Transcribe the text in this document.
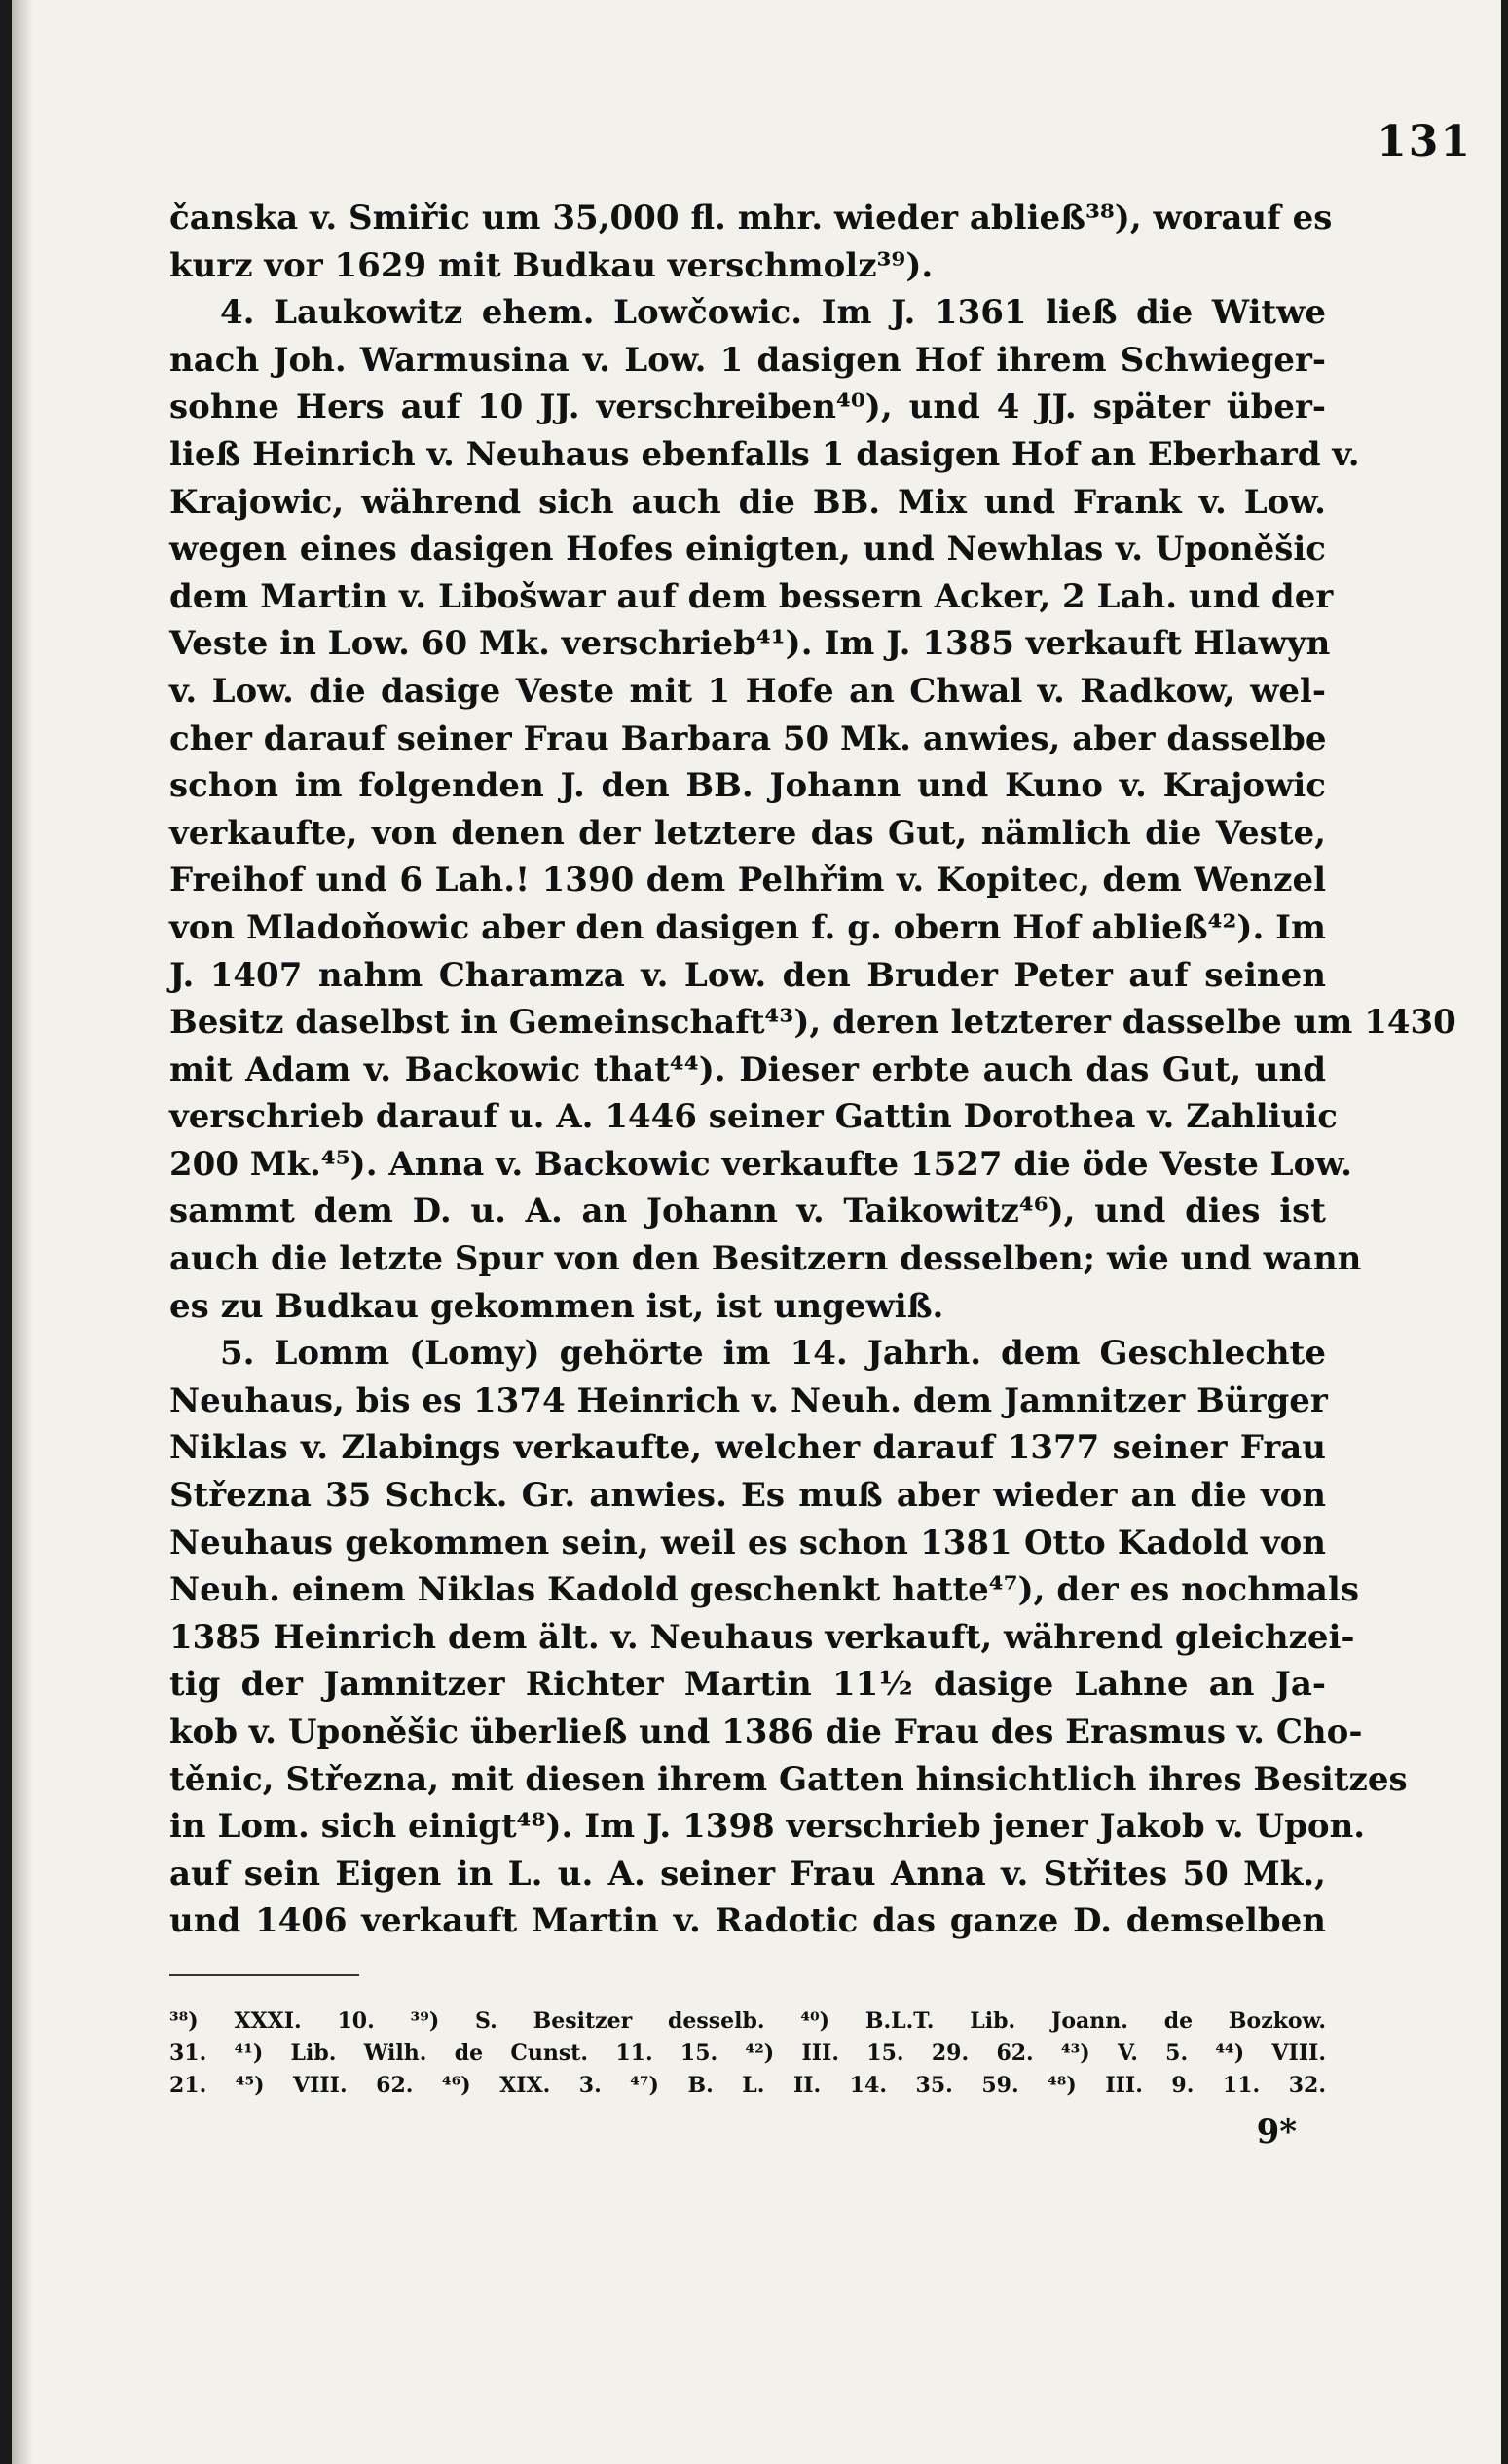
131
čanska v. Smiřic um 35,000 fl. mhr. wieder abließ³⁸), worauf es
kurz vor 1629 mit Budkau verschmolz³⁹).
4. Laukowitz ehem. Lowčowic. Im J. 1361 ließ die Witwe
nach Joh. Warmusina v. Low. 1 dasigen Hof ihrem Schwieger-
sohne Hers auf 10 JJ. verschreiben⁴⁰), und 4 JJ. später über-
ließ Heinrich v. Neuhaus ebenfalls 1 dasigen Hof an Eberhard v.
Krajowic, während sich auch die BB. Mix und Frank v. Low.
wegen eines dasigen Hofes einigten, und Newhlas v. Uponěšic
dem Martin v. Libošwar auf dem bessern Acker, 2 Lah. und der
Veste in Low. 60 Mk. verschrieb⁴¹). Im J. 1385 verkauft Hlawyn
v. Low. die dasige Veste mit 1 Hofe an Chwal v. Radkow, wel-
cher darauf seiner Frau Barbara 50 Mk. anwies, aber dasselbe
schon im folgenden J. den BB. Johann und Kuno v. Krajowic
verkaufte, von denen der letztere das Gut, nämlich die Veste,
Freihof und 6 Lah.! 1390 dem Pelhřim v. Kopitec, dem Wenzel
von Mladoňowic aber den dasigen f. g. obern Hof abließ⁴²). Im
J. 1407 nahm Charamza v. Low. den Bruder Peter auf seinen
Besitz daselbst in Gemeinschaft⁴³), deren letzterer dasselbe um 1430
mit Adam v. Backowic that⁴⁴). Dieser erbte auch das Gut, und
verschrieb darauf u. A. 1446 seiner Gattin Dorothea v. Zahliuic
200 Mk.⁴⁵). Anna v. Backowic verkaufte 1527 die öde Veste Low.
sammt dem D. u. A. an Johann v. Taikowitz⁴⁶), und dies ist
auch die letzte Spur von den Besitzern desselben; wie und wann
es zu Budkau gekommen ist, ist ungewiß.
5. Lomm (Lomy) gehörte im 14. Jahrh. dem Geschlechte
Neuhaus, bis es 1374 Heinrich v. Neuh. dem Jamnitzer Bürger
Niklas v. Zlabings verkaufte, welcher darauf 1377 seiner Frau
Střezna 35 Schck. Gr. anwies. Es muß aber wieder an die von
Neuhaus gekommen sein, weil es schon 1381 Otto Kadold von
Neuh. einem Niklas Kadold geschenkt hatte⁴⁷), der es nochmals
1385 Heinrich dem ält. v. Neuhaus verkauft, während gleichzei-
tig der Jamnitzer Richter Martin 11½ dasige Lahne an Ja-
kob v. Uponěšic überließ und 1386 die Frau des Erasmus v. Cho-
těnic, Střezna, mit diesen ihrem Gatten hinsichtlich ihres Besitzes
in Lom. sich einigt⁴⁸). Im J. 1398 verschrieb jener Jakob v. Upon.
auf sein Eigen in L. u. A. seiner Frau Anna v. Střites 50 Mk.,
und 1406 verkauft Martin v. Radotic das ganze D. demselben
³⁸) XXXI. 10. ³⁹) S. Besitzer desselb. ⁴⁰) B.L.T. Lib. Joann. de Bozkow.
31. ⁴¹) Lib. Wilh. de Cunst. 11. 15. ⁴²) III. 15. 29. 62. ⁴³) V. 5. ⁴⁴) VIII.
21. ⁴⁵) VIII. 62. ⁴⁶) XIX. 3. ⁴⁷) B. L. II. 14. 35. 59. ⁴⁸) III. 9. 11. 32.
9*
